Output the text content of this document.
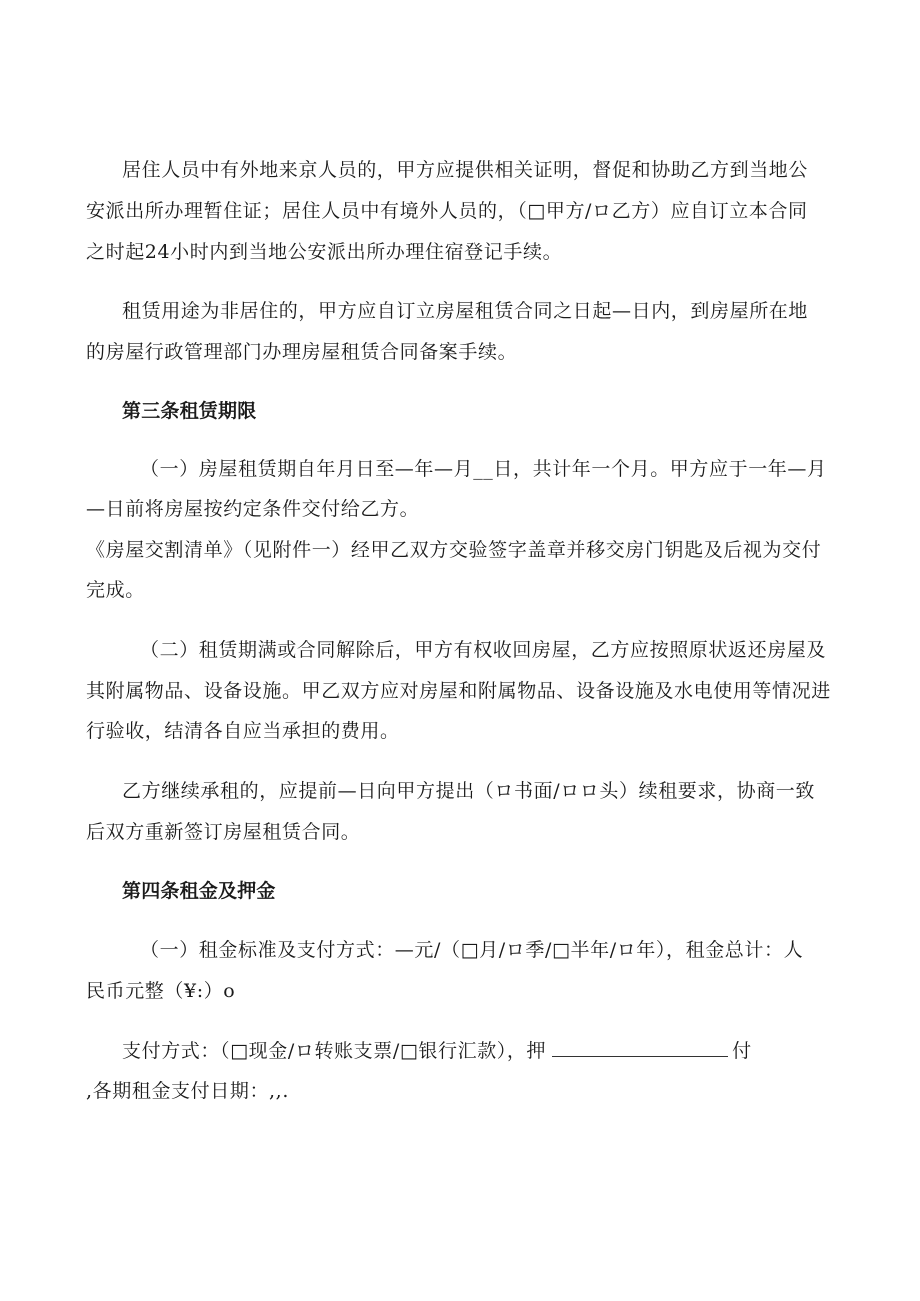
居住人员中有外地来京人员的，甲方应提供相关证明，督促和协助乙方到当地公
安派出所办理暂住证；居住人员中有境外人员的，（□甲方/ロ乙方）应自订立本合同
之时起24小时内到当地公安派出所办理住宿登记手续。
租赁用途为非居住的，甲方应自订立房屋租赁合同之日起—日内，到房屋所在地
的房屋行政管理部门办理房屋租赁合同备案手续。
第三条租赁期限
（一）房屋租赁期自年月日至—年—月__日，共计年一个月。甲方应于一年—月
—日前将房屋按约定条件交付给乙方。
《房屋交割清单》（见附件一）经甲乙双方交验签字盖章并移交房门钥匙及后视为交付
完成。
（二）租赁期满或合同解除后，甲方有权收回房屋，乙方应按照原状返还房屋及
其附属物品、设备设施。甲乙双方应对房屋和附属物品、设备设施及水电使用等情况进
行验收，结清各自应当承担的费用。
乙方继续承租的，应提前—日向甲方提出（ロ书面/ロロ头）续租要求，协商一致
后双方重新签订房屋租赁合同。
第四条租金及押金
（一）租金标准及支付方式：—元/（□月/ロ季/□半年/ロ年），租金总计：人
民币元整（¥:）o
支付方式：（□现金/ロ转账支票/□银行汇款），押	付
,各期租金支付日期：,,.
